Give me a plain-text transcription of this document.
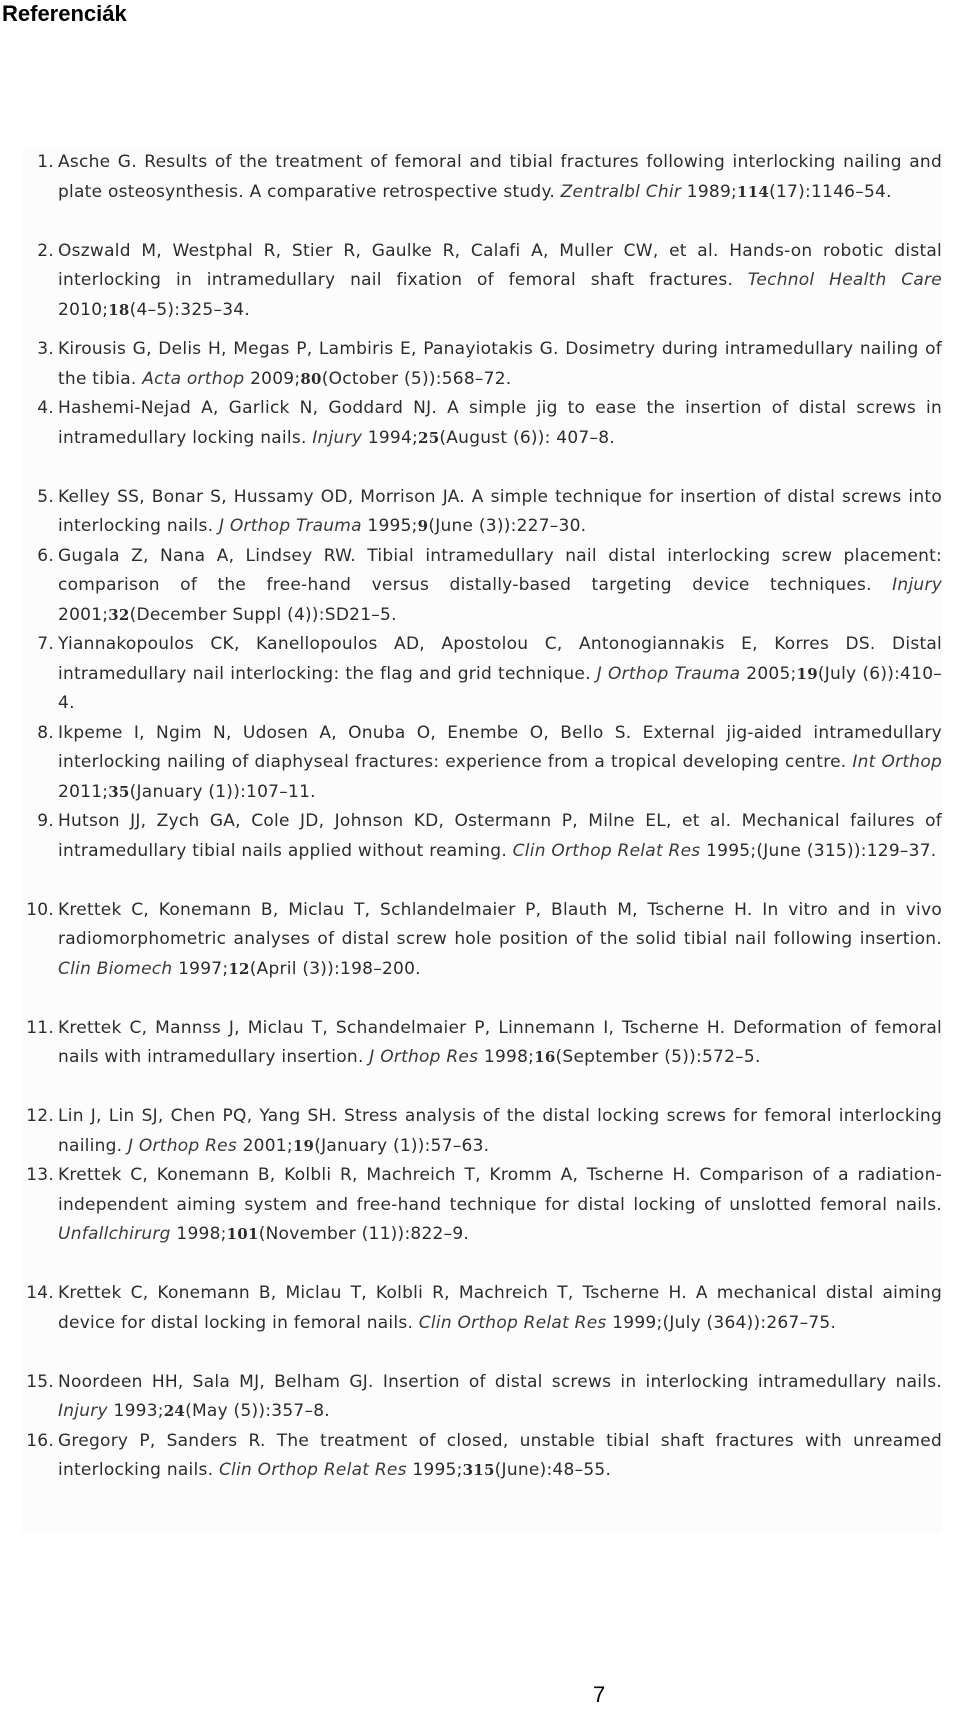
Referenciák
1. Asche G. Results of the treatment of femoral and tibial fractures following interlocking nailing and plate osteosynthesis. A comparative retrospective study. Zentralbl Chir 1989;114(17):1146–54.
2. Oszwald M, Westphal R, Stier R, Gaulke R, Calafi A, Muller CW, et al. Hands-on robotic distal interlocking in intramedullary nail fixation of femoral shaft fractures. Technol Health Care 2010;18(4–5):325–34.
3. Kirousis G, Delis H, Megas P, Lambiris E, Panayiotakis G. Dosimetry during intramedullary nailing of the tibia. Acta orthop 2009;80(October (5)):568–72.
4. Hashemi-Nejad A, Garlick N, Goddard NJ. A simple jig to ease the insertion of distal screws in intramedullary locking nails. Injury 1994;25(August (6)): 407–8.
5. Kelley SS, Bonar S, Hussamy OD, Morrison JA. A simple technique for insertion of distal screws into interlocking nails. J Orthop Trauma 1995;9(June (3)):227–30.
6. Gugala Z, Nana A, Lindsey RW. Tibial intramedullary nail distal interlocking screw placement: comparison of the free-hand versus distally-based targeting device techniques. Injury 2001;32(December Suppl (4)):SD21–5.
7. Yiannakopoulos CK, Kanellopoulos AD, Apostolou C, Antonogiannakis E, Korres DS. Distal intramedullary nail interlocking: the flag and grid technique. J Orthop Trauma 2005;19(July (6)):410–4.
8. Ikpeme I, Ngim N, Udosen A, Onuba O, Enembe O, Bello S. External jig-aided intramedullary interlocking nailing of diaphyseal fractures: experience from a tropical developing centre. Int Orthop 2011;35(January (1)):107–11.
9. Hutson JJ, Zych GA, Cole JD, Johnson KD, Ostermann P, Milne EL, et al. Mechanical failures of intramedullary tibial nails applied without reaming. Clin Orthop Relat Res 1995;(June (315)):129–37.
10. Krettek C, Konemann B, Miclau T, Schlandelmaier P, Blauth M, Tscherne H. In vitro and in vivo radiomorphometric analyses of distal screw hole position of the solid tibial nail following insertion. Clin Biomech 1997;12(April (3)):198–200.
11. Krettek C, Mannss J, Miclau T, Schandelmaier P, Linnemann I, Tscherne H. Deformation of femoral nails with intramedullary insertion. J Orthop Res 1998;16(September (5)):572–5.
12. Lin J, Lin SJ, Chen PQ, Yang SH. Stress analysis of the distal locking screws for femoral interlocking nailing. J Orthop Res 2001;19(January (1)):57–63.
13. Krettek C, Konemann B, Kolbli R, Machreich T, Kromm A, Tscherne H. Comparison of a radiation-independent aiming system and free-hand technique for distal locking of unslotted femoral nails. Unfallchirurg 1998;101(November (11)):822–9.
14. Krettek C, Konemann B, Miclau T, Kolbli R, Machreich T, Tscherne H. A mechanical distal aiming device for distal locking in femoral nails. Clin Orthop Relat Res 1999;(July (364)):267–75.
15. Noordeen HH, Sala MJ, Belham GJ. Insertion of distal screws in interlocking intramedullary nails. Injury 1993;24(May (5)):357–8.
16. Gregory P, Sanders R. The treatment of closed, unstable tibial shaft fractures with unreamed interlocking nails. Clin Orthop Relat Res 1995;315(June):48–55.
7
